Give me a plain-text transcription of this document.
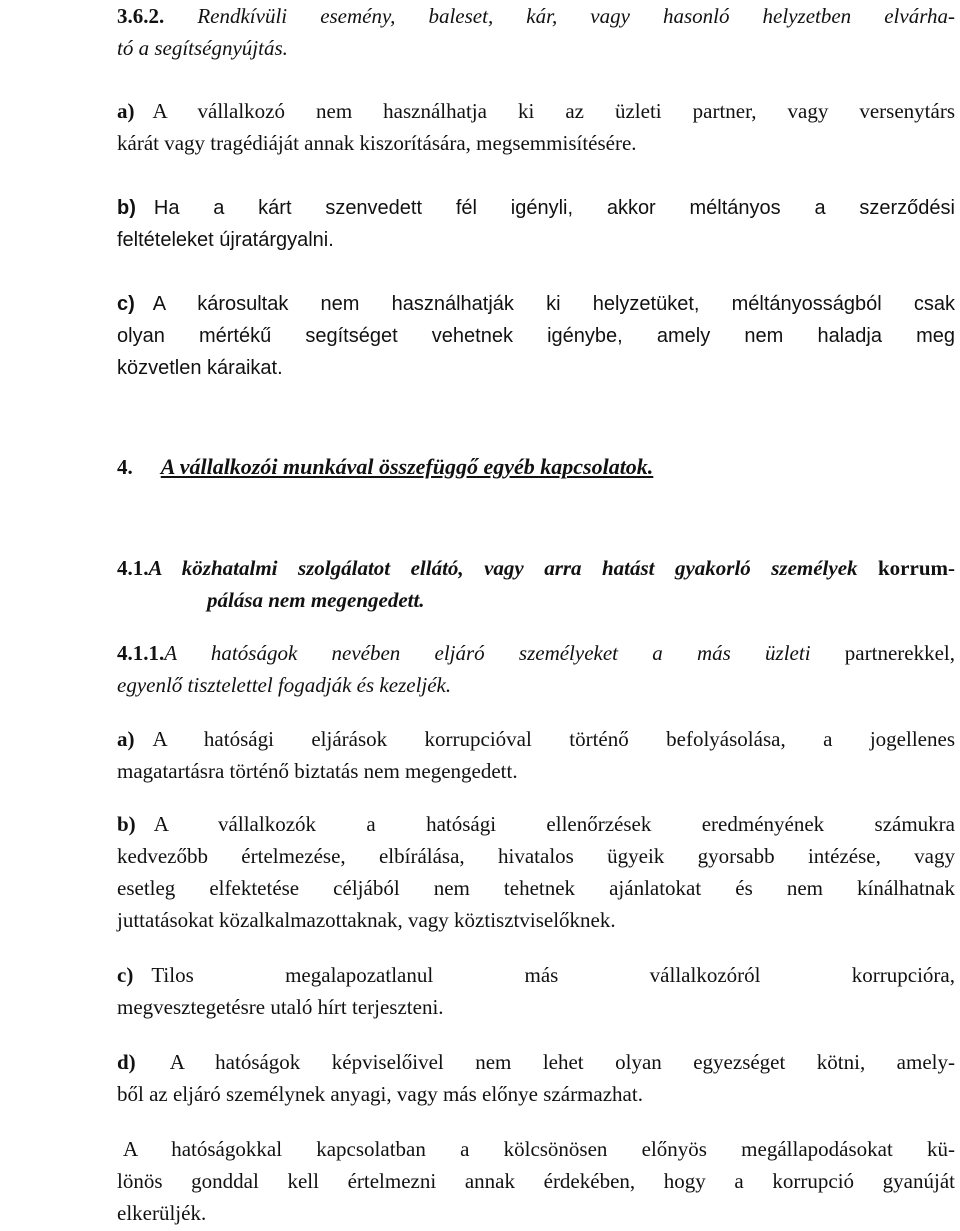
3.6.2. Rendkívüli esemény, baleset, kár, vagy hasonló helyzetben elvárha-
tó a segítségnyújtás.
a) A vállalkozó nem használhatja ki az üzleti partner, vagy versenytárs
kárát vagy tragédiáját annak kiszorítására, megsemmisítésére.
b) Ha a kárt szenvedett fél igényli, akkor méltányos a szerződési
feltételeket újratárgyalni.
c) A károsultak nem használhatják ki helyzetüket, méltányosságból csak
olyan mértékű segítséget vehetnek igénybe, amely nem haladja meg
közvetlen káraikat.
4. A vállalkozói munkával összefüggő egyéb kapcsolatok.
4.1.A közhatalmi szolgálatot ellátó, vagy arra hatást gyakorló személyek korrum-
pálása nem megengedett.
4.1.1.A hatóságok nevében eljáró személyeket a más üzleti partnerekkel,
egyenlő tisztelettel fogadják és kezeljék.
a) A hatósági eljárások korrupcióval történő befolyásolása, a jogellenes
magatartásra történő biztatás nem megengedett.
b) A vállalkozók a hatósági ellenőrzések eredményének számukra
kedvezőbb értelmezése, elbírálása, hivatalos ügyeik gyorsabb intézése, vagy
esetleg elfektetése céljából nem tehetnek ajánlatokat és nem kínálhatnak
juttatásokat közalkalmazottaknak, vagy köztisztviselőknek.
c) Tilos megalapozatlanul más vállalkozóról korrupcióra,
megvesztegetésre utaló hírt terjeszteni.
d) A hatóságok képviselőivel nem lehet olyan egyezséget kötni, amely-
ből az eljáró személynek anyagi, vagy más előnye származhat.
A hatóságokkal kapcsolatban a kölcsönösen előnyös megállapodásokat kü-
lönös gonddal kell értelmezni annak érdekében, hogy a korrupció gyanúját
elkerüljék.
